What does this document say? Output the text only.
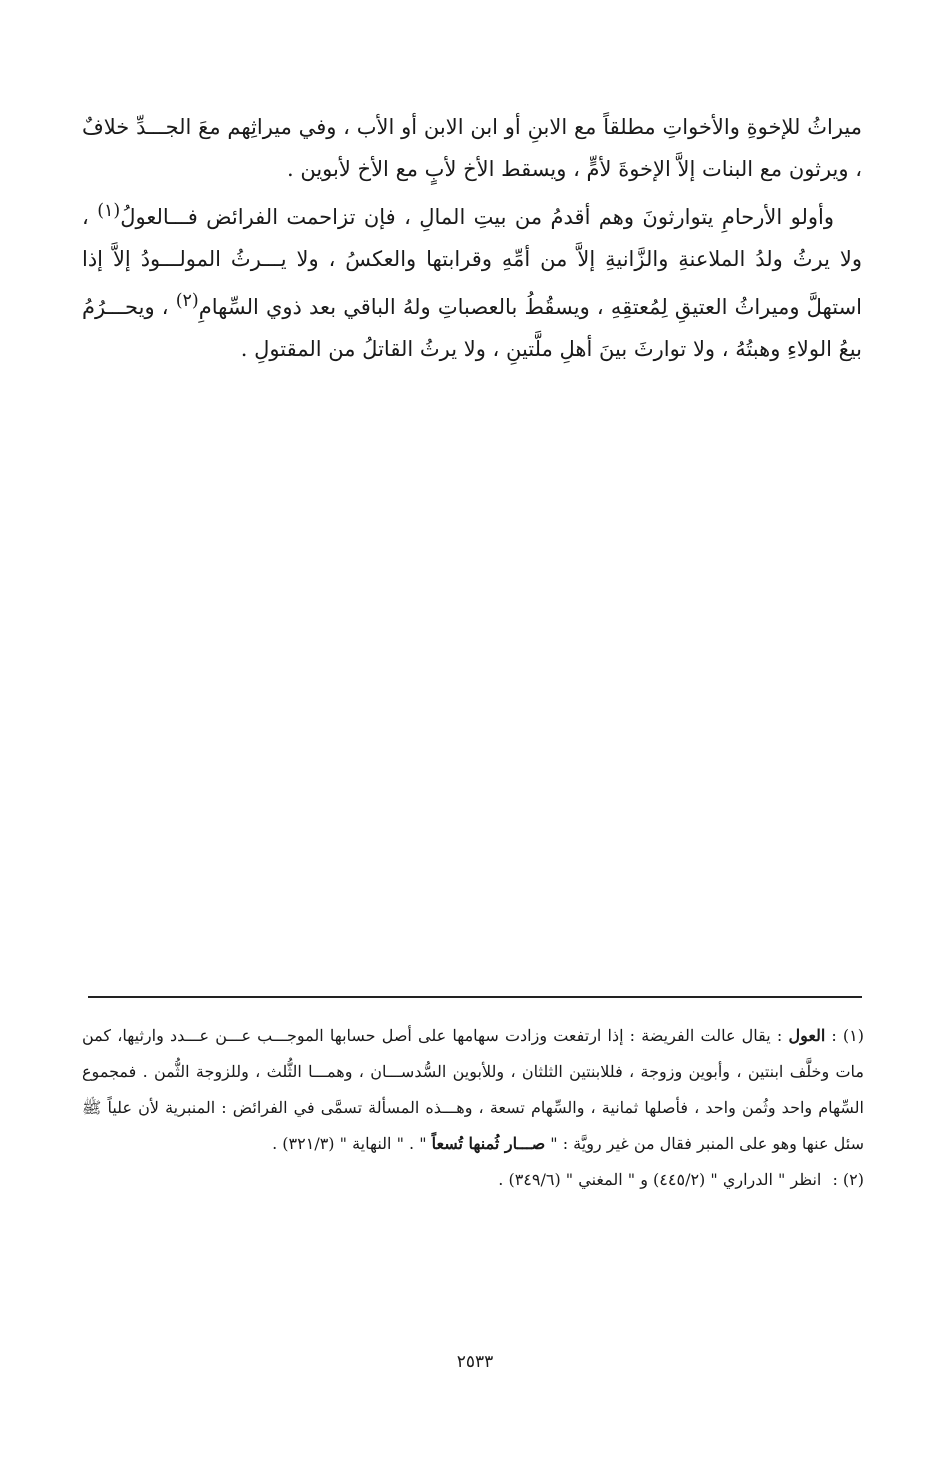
ميراثُ للإخوةِ والأخواتِ مطلقاً مع الابنِ أو ابن الابن أو الأب ، وفي ميراثِهم معَ الجـــدِّ خلافٌ ، ويرثون مع البنات إلاَّ الإخوةَ لأمٍّ ، ويسقط الأخ لأبٍ مع الأخ لأبوين .

وأولو الأرحامِ يتوارثونَ وهم أقدمُ من بيتِ المالِ ، فإن تزاحمت الفرائض فـــالعولُ$^{(١)}$ ، ولا يرثُ ولدُ الملاعنةِ والزَّانيةِ إلاَّ من أمِّهِ وقرابتها والعكسُ ، ولا يـــرثُ المولـــودُ إلاَّ إذا استهلَّ وميراثُ العتيقِ لِمُعتقِهِ ، ويسقُطُ بالعصباتِ ولهُ الباقي بعد ذوي السِّهامِ$^{(٢)}$ ، ويحـــرُمُ بيعُ الولاءِ وهبتُهُ ، ولا توارثَ بينَ أهلِ ملَّتينِ ، ولا يرثُ القاتلُ من المقتولِ .

(١) :العول : يقال عالت الفريضة : إذا ارتفعت وزادت سهامها على أصل حسابها الموجـــب عـــن عـــدد وارثيها، كمن مات وخلَّف ابنتين ، وأبوين وزوجة ، فللابنتين الثلثان ، وللأبوين السُّدســـان ، وهمـــا الثُّلث ، وللزوجة الثُّمن . فمجموع السِّهام واحد وثُمن واحد ، فأصلها ثمانية ، والسِّهام تسعة ، وهـــذه المسألة تسمَّى في الفرائض : المنبرية لأن علياً ﷺ سئل عنها وهو على المنبر فقال من غير رويَّة : " صـــار ثُمنها تُسعاً " . " النهاية " (٣٢١/٣) .

(٢) : انظر " الدراري " (٤٤٥/٢) و " المغني " (٣٤٩/٦) .

٢٥٣٣
